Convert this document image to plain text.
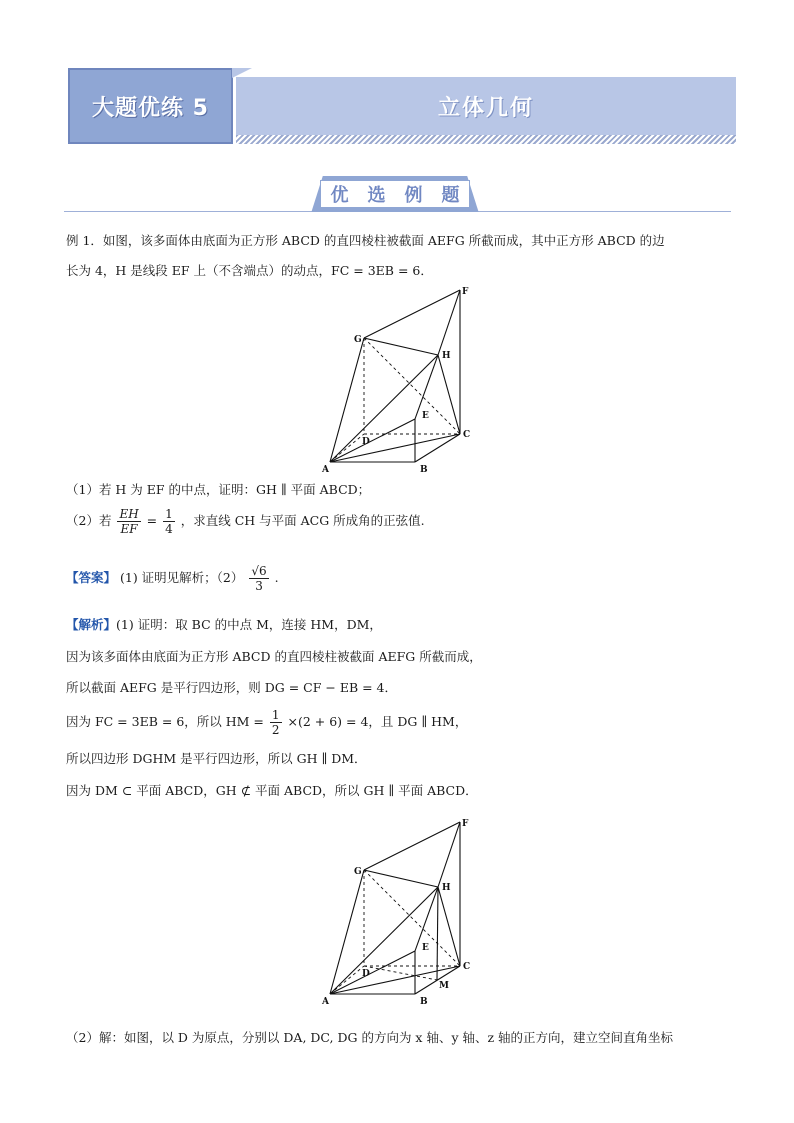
大题优练 5	立体几何
优 选 例 题
例 1．如图，该多面体由底面为正方形 ABCD 的直四棱柱被截面 AEFG 所截而成，其中正方形 ABCD 的边
长为 4，H 是线段 EF 上（不含端点）的动点，FC = 3EB = 6．
F
G
H
E
D
C
A	B
（1）若 H 为 EF 的中点，证明：GH ∥ 平面 ABCD；
（2）若 $\frac{EH}{EF} = \frac{1}{4}$ ，求直线 CH 与平面 ACG 所成角的正弦值.
【答案】 (1) 证明见解析；$(2) \frac{√6}{3}$ .
【解析】(1) 证明：取 BC 的中点 M，连接 HM，DM，
因为该多面体由底面为正方形 ABCD 的直四棱柱被截面 AEFG 所截而成，
所以截面 AEFG 是平行四边形，则 DG = CF − EB = 4．
因为 FC = 3EB = 6，所以 HM = $\frac{1}{2} \times(2 + 6) = 4$，且 DG ∥ HM，
所以四边形 DGHM 是平行四边形，所以 GH ∥ DM．
因为 DM ⊂ 平面 ABCD，GH ⊄ 平面 ABCD，所以 GH ∥ 平面 ABCD．
F
G
H
E
D
C
A	B
M
（2）解：如图，以 D 为原点，分别以 DA, DC, DG 的方向为 x 轴、y 轴、z 轴的正方向，建立空间直角坐标
